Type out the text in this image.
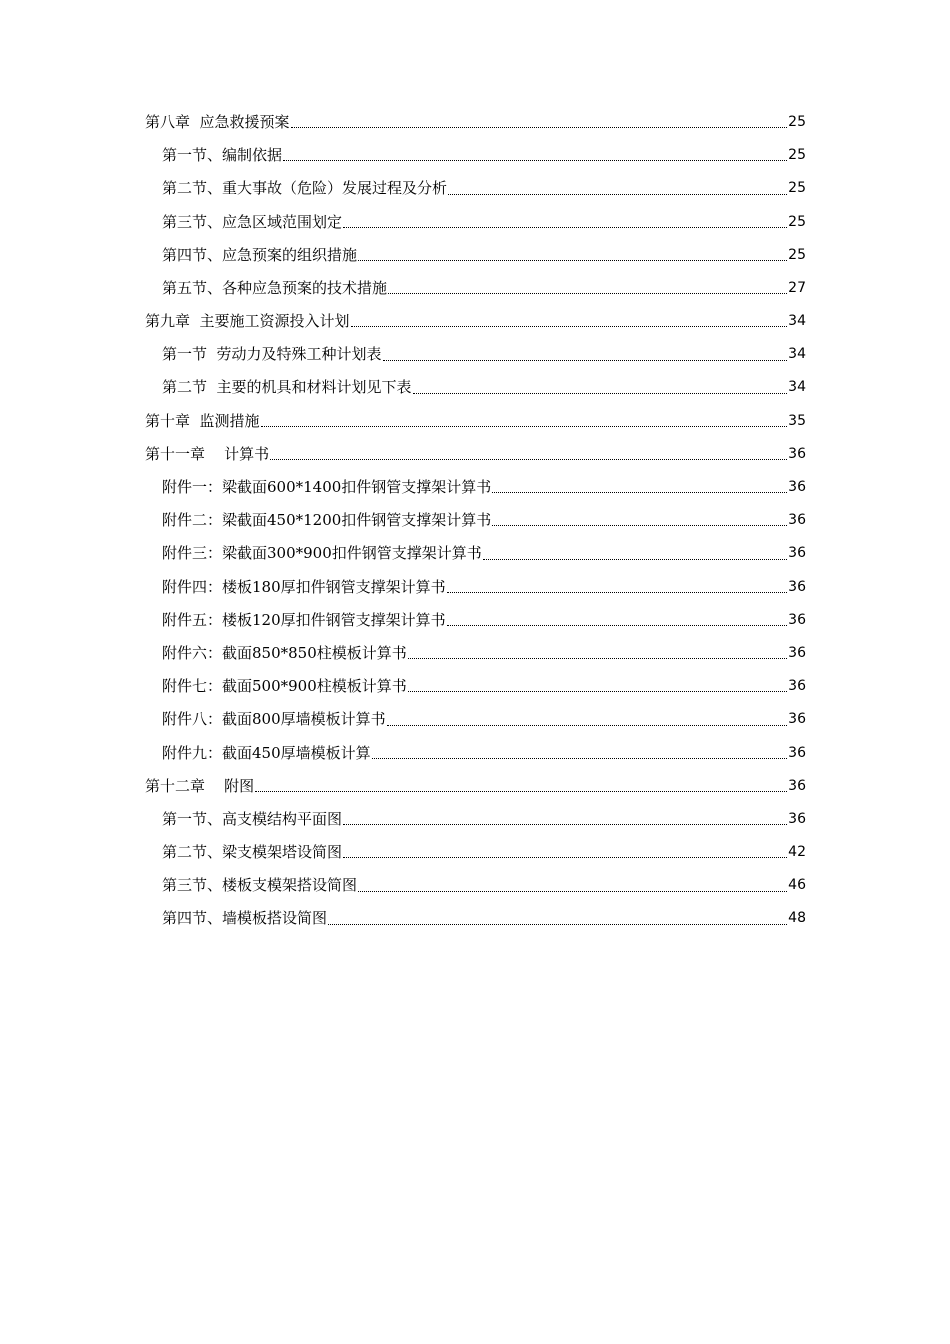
第八章  应急救援预案	25
第一节、编制依据	25
第二节、重大事故（危险）发展过程及分析	25
第三节、应急区域范围划定	25
第四节、应急预案的组织措施	25
第五节、各种应急预案的技术措施	27
第九章  主要施工资源投入计划	34
第一节  劳动力及特殊工种计划表	34
第二节  主要的机具和材料计划见下表	34
第十章  监测措施	35
第十一章    计算书	36
附件一：梁截面600*1400扣件钢管支撑架计算书	36
附件二：梁截面450*1200扣件钢管支撑架计算书	36
附件三：梁截面300*900扣件钢管支撑架计算书	36
附件四：楼板180厚扣件钢管支撑架计算书	36
附件五：楼板120厚扣件钢管支撑架计算书	36
附件六：截面850*850柱模板计算书	36
附件七：截面500*900柱模板计算书	36
附件八：截面800厚墙模板计算书	36
附件九：截面450厚墙模板计算	36
第十二章    附图	36
第一节、高支模结构平面图	36
第二节、梁支模架塔设简图	42
第三节、楼板支模架搭设简图	46
第四节、墙模板搭设简图	48
